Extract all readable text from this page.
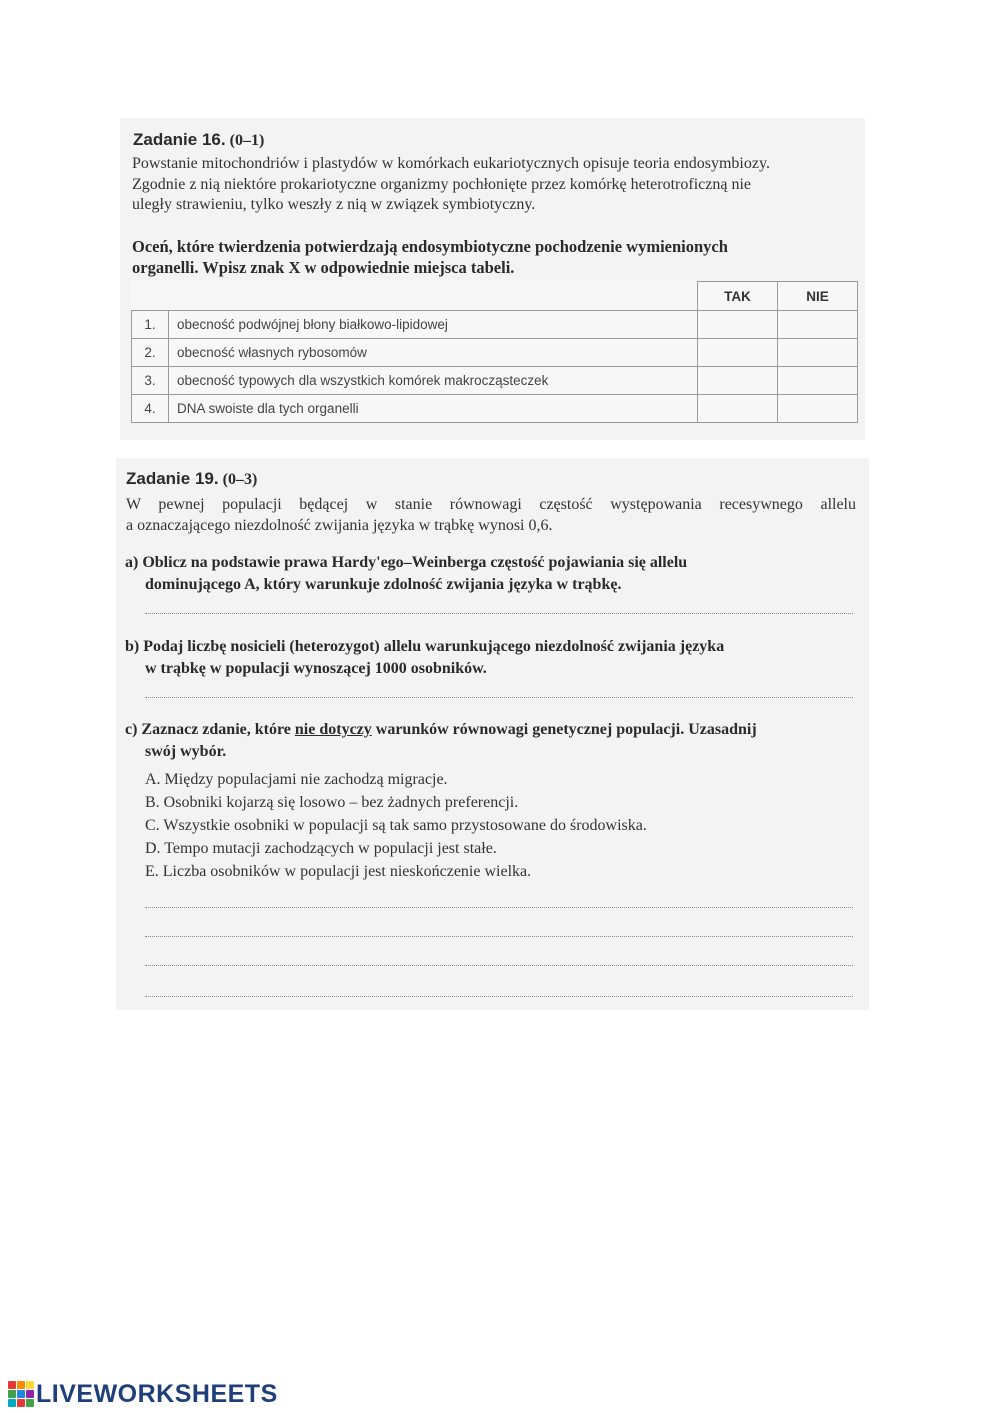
Zadanie 16. (0–1)
Powstanie mitochondriów i plastydów w komórkach eukariotycznych opisuje teoria endosymbiozy.
Zgodnie z nią niektóre prokariotyczne organizmy pochłonięte przez komórkę heterotroficzną nie
uległy strawieniu, tylko weszły z nią w związek symbiotyczny.
Oceń, które twierdzenia potwierdzają endosymbiotyczne pochodzenie wymienionych
organelli. Wpisz znak X w odpowiednie miejsca tabeli.
		TAK	NIE
1.	obecność podwójnej błony białkowo-lipidowej		
2.	obecność własnych rybosomów		
3.	obecność typowych dla wszystkich komórek makrocząsteczek		
4.	DNA swoiste dla tych organelli		
Zadanie 19. (0–3)
W pewnej populacji będącej w stanie równowagi częstość występowania recesywnego allelu
a oznaczającego niezdolność zwijania języka w trąbkę wynosi 0,6.
a) Oblicz na podstawie prawa Hardy'ego–Weinberga częstość pojawiania się allelu
dominującego A, który warunkuje zdolność zwijania języka w trąbkę.
b) Podaj liczbę nosicieli (heterozygot) allelu warunkującego niezdolność zwijania języka
w trąbkę w populacji wynoszącej 1000 osobników.
c) Zaznacz zdanie, które nie dotyczy warunków równowagi genetycznej populacji. Uzasadnij
swój wybór.
A. Między populacjami nie zachodzą migracje.
B. Osobniki kojarzą się losowo – bez żadnych preferencji.
C. Wszystkie osobniki w populacji są tak samo przystosowane do środowiska.
D. Tempo mutacji zachodzących w populacji jest stałe.
E. Liczba osobników w populacji jest nieskończenie wielka.
LIVEWORKSHEETS
